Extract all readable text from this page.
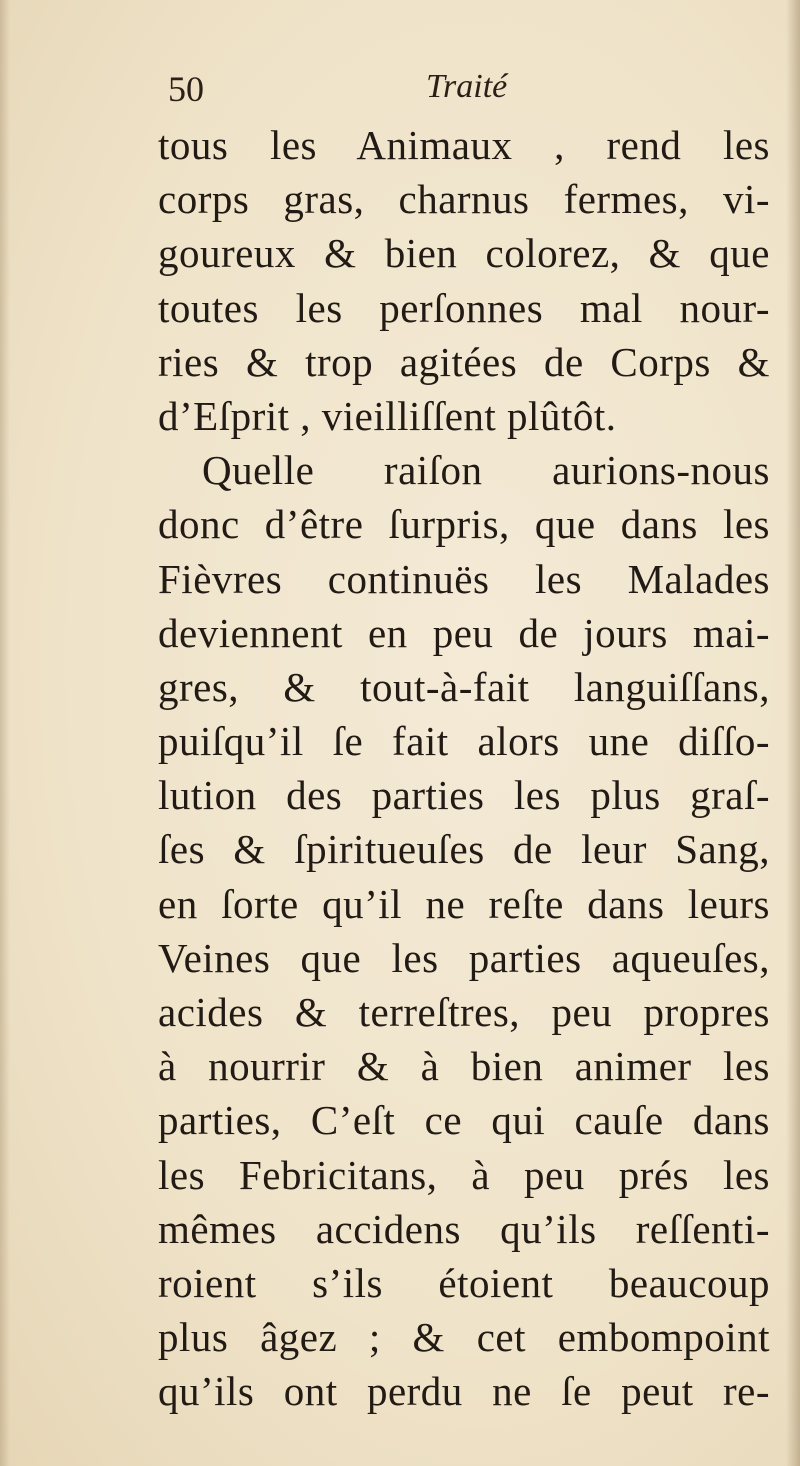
50	Traité
tous les Animaux , rend les
corps gras, charnus fermes, vi-
goureux & bien colorez, & que
toutes les perſonnes mal nour-
ries & trop agitées de Corps &
d’Eſprit , vieilliſſent plûtôt.
Quelle raiſon aurions-nous
donc d’être ſurpris, que dans les
Fièvres continuës les Malades
deviennent en peu de jours mai-
gres, & tout-à-fait languiſſans,
puiſqu’il ſe fait alors une diſſo-
lution des parties les plus graſ-
ſes & ſpiritueuſes de leur Sang,
en ſorte qu’il ne reſte dans leurs
Veines que les parties aqueuſes,
acides & terreſtres, peu propres
à nourrir & à bien animer les
parties, C’eſt ce qui cauſe dans
les Febricitans, à peu prés les
mêmes accidens qu’ils reſſenti-
roient s’ils étoient beaucoup
plus âgez ; & cet embompoint
qu’ils ont perdu ne ſe peut re-
